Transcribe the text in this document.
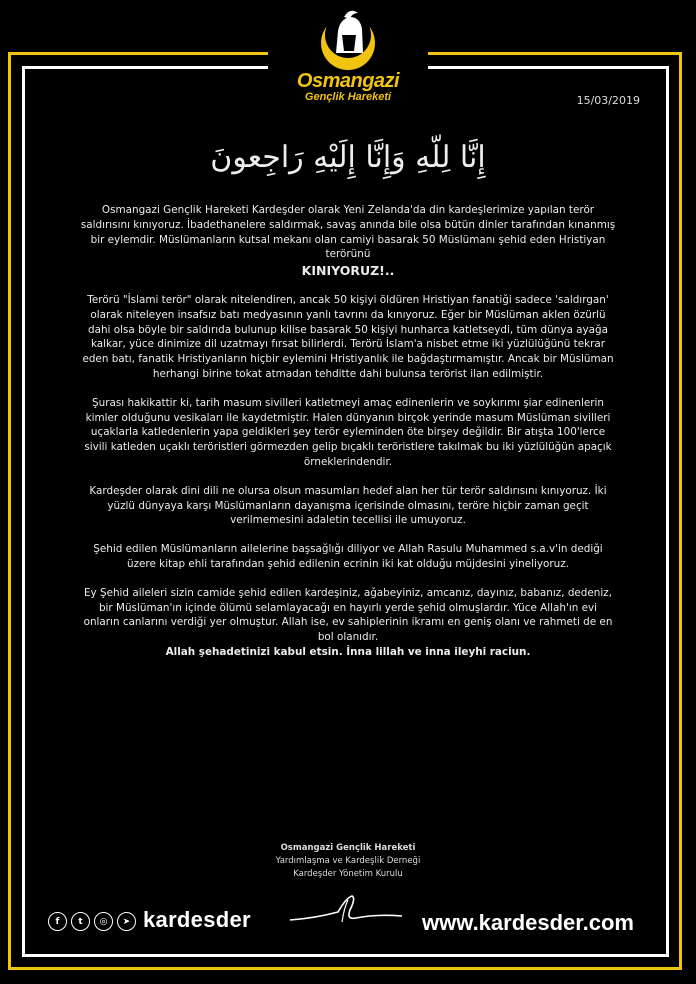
Osmangazi
Gençlik Hareketi	15/03/2019
إِنَّا لِلّهِ وَإِنَّا إِلَيْهِ رَاجِعونَ

Osmangazi Gençlik Hareketi Kardeşder olarak Yeni Zelanda'da din kardeşlerimize yapılan terör saldırısını kınıyoruz. İbadethanelere saldırmak, savaş anında bile olsa bütün dinler tarafından kınanmış bir eylemdir. Müslümanların kutsal mekanı olan camiyi basarak 50 Müslümanı şehid eden Hristiyan terörünü
KINIYORUZ!..

Terörü "İslami terör" olarak nitelendiren, ancak 50 kişiyi öldüren Hristiyan fanatiği sadece 'saldırgan' olarak niteleyen insafsız batı medyasının yanlı tavrını da kınıyoruz. Eğer bir Müslüman aklen özürlü dahi olsa böyle bir saldırıda bulunup kilise basarak 50 kişiyi hunharca katletseydi, tüm dünya ayağa kalkar, yüce dinimize dil uzatmayı fırsat bilirlerdi. Terörü İslam'a nisbet etme iki yüzlülüğünü tekrar eden batı, fanatik Hristiyanların hiçbir eylemini Hristiyanlık ile bağdaştırmamıştır. Ancak bir Müslüman herhangi birine tokat atmadan tehditte dahi bulunsa terörist ilan edilmiştir.

Şurası hakikattir ki, tarih masum sivilleri katletmeyi amaç edinenlerin ve soykırımı şiar edinenlerin kimler olduğunu vesikaları ile kaydetmiştir. Halen dünyanın birçok yerinde masum Müslüman sivilleri uçaklarla katledenlerin yapa geldikleri şey terör eyleminden öte birşey değildir. Bir atışta 100'lerce sivili katleden uçaklı teröristleri görmezden gelip bıçaklı teröristlere takılmak bu iki yüzlülüğün apaçık örneklerindendir.

Kardeşder olarak dini dili ne olursa olsun masumları hedef alan her tür terör saldırısını kınıyoruz. İki yüzlü dünyaya karşı Müslümanların dayanışma içerisinde olmasını, teröre hiçbir zaman geçit verilmemesini adaletin tecellisi ile umuyoruz.

Şehid edilen Müslümanların ailelerine başsağlığı diliyor ve Allah Rasulu Muhammed s.a.v'in dediği üzere kitap ehli tarafından şehid edilenin ecrinin iki kat olduğu müjdesini yineliyoruz.

Ey Şehid aileleri sizin camide şehid edilen kardeşiniz, ağabeyiniz, amcanız, dayınız, babanız, dedeniz, bir Müslüman'ın içinde ölümü selamlayacağı en hayırlı yerde şehid olmuşlardır. Yüce Allah'ın evi onların canlarını verdiği yer olmuştur. Allah ise, ev sahiplerinin ikramı en geniş olanı ve rahmeti de en bol olanıdır.
Allah şehadetinizi kabul etsin. İnna lillah ve inna ileyhi raciun.

Osmangazi Gençlik Hareketi
Yardımlaşma ve Kardeşlik Derneği
Kardeşder Yönetim Kurulu
f	t	◎	➤ kardesder	www.kardesder.com
